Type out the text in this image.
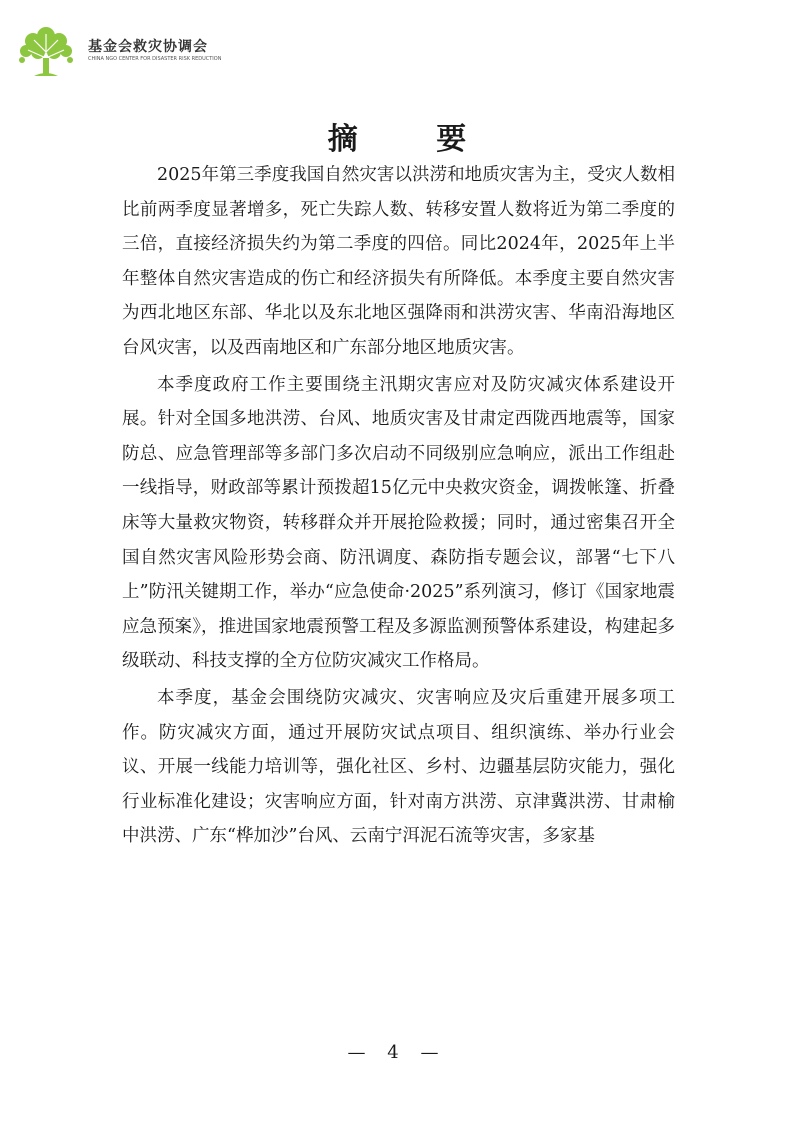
基金会救灾协调会
CHINA NGO CENTER FOR DISASTER RISK REDUCTION
摘 要

2025年第三季度我国自然灾害以洪涝和地质灾害为主，受灾人数相比前两季度显著增多，死亡失踪人数、转移安置人数将近为第二季度的三倍，直接经济损失约为第二季度的四倍。同比2024年，2025年上半年整体自然灾害造成的伤亡和经济损失有所降低。本季度主要自然灾害为西北地区东部、华北以及东北地区强降雨和洪涝灾害、华南沿海地区台风灾害，以及西南地区和广东部分地区地质灾害。

本季度政府工作主要围绕主汛期灾害应对及防灾减灾体系建设开展。针对全国多地洪涝、台风、地质灾害及甘肃定西陇西地震等，国家防总、应急管理部等多部门多次启动不同级别应急响应，派出工作组赴一线指导，财政部等累计预拨超15亿元中央救灾资金，调拨帐篷、折叠床等大量救灾物资，转移群众并开展抢险救援；同时，通过密集召开全国自然灾害风险形势会商、防汛调度、森防指专题会议，部署“七下八上”防汛关键期工作，举办“应急使命·2025”系列演习，修订《国家地震应急预案》，推进国家地震预警工程及多源监测预警体系建设，构建起多级联动、科技支撑的全方位防灾减灾工作格局。

本季度，基金会围绕防灾减灾、灾害响应及灾后重建开展多项工作。防灾减灾方面，通过开展防灾试点项目、组织演练、举办行业会议、开展一线能力培训等，强化社区、乡村、边疆基层防灾能力，强化行业标准化建设；灾害响应方面，针对南方洪涝、京津冀洪涝、甘肃榆中洪涝、广东“桦加沙”台风、云南宁洱泥石流等灾害，多家基

— 4 —
